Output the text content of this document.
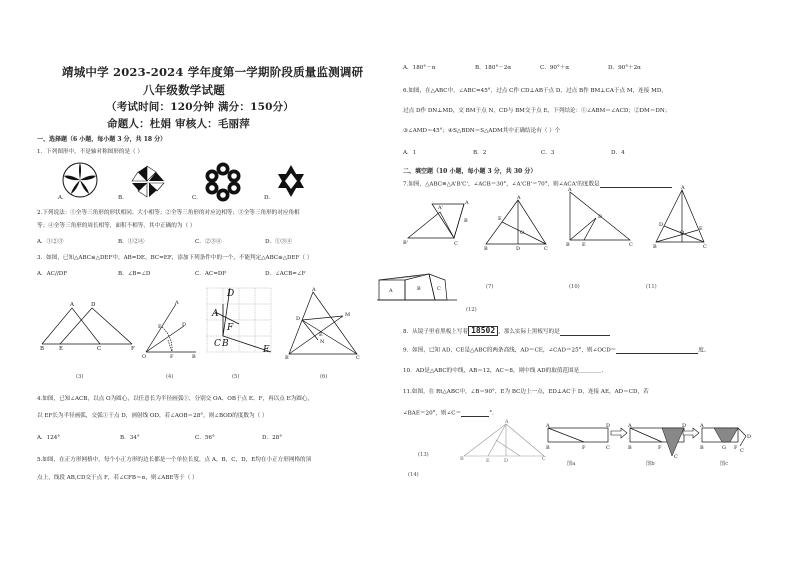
靖城中学 2023-2024 学年度第一学期阶段质量监测调研
八年级数学试题
（考试时间：120分钟 满分：150分）
命题人：杜娟 审核人：毛丽萍
一、选择题（6 小题，每小题 3 分，共 18 分）
1．下列图形中，不是轴对称图形的是（ ）
A.	B.	C.	D.
2.下列说法：①全等三角形的形状相同、大小相等；②全等三角形的对应边相等；③全等三角形的对应角相
等；④全等三角形的周长相等，面积不相等，其中正确的为（ ）
A．①②③	B．①②④	C．②③④	D．①③④
3．如图，已知△ABC≌△DEF中，AB=DE，BC=EF，添加下列条件中的一个，不能判定△ABC≌△DEF（ ）
A．AC//DF	B．∠B=∠D	C．AC=DF	D．∠ACB=∠F
A	D
B	E	C	F
A
D
E
O	F	B
D
A
F
C B
E
A
D
M
E
N
B	C
(3)	(4)	(5)	(6)
4.如图，已知∠ACB，以点 O为圆心，以任意长为半径画弧①，分别交 OA、OB于点 E、F，再以点 E为圆心，
以 EF长为半径画弧，交弧①于点 D，画射线 OD，若∠AOB＝28°，则∠BOD的度数为（ ）
A．124°	B．34°	C．56°	D．28°
5.如图，在正方形网格中，每个小正方形的边长都是一个单位长度，点 A，B，C，D，E均在小正方形网格的顶
点上，线段 AB,CD交于点 F，若∠CFB＝α，则∠ABE等于（ ）
A．180°－α	B．180°－2α	C．90°＋α	D．90°＋2α
6.如图，在△ABC中，∠ABC=45°，过点 C作 CD⊥AB于点 D，过点 B作 BM⊥CA于点 M，连接 MD，
过点 D作 DN⊥MD，交 BM于点 N，CD与 BM交于点 E，下列结论：①∠ABM＝∠ACD；②DM＝DN；
③∠AMD＝45°；④S△BDN＝S△ADM其中正确结论有（ ）个
A．1	B．2	C．3	D．4
二、填空题（10 小题，每小题 3 分，共 30 分）
7.如图，△ABC≌△A'B'C'，∠ACB＝30°，∠A'CB'＝70°，则∠ACA'的度数是
A'
A
B'	C
B
A
E
O
B	D	C
A
D
B E	C
A
D
E
O
B	C
A	B	C	(7)	(10)	(11)
(12)
8．从镜子里看黑板上写着 18502 ，那么实际上黑板写的是
9．如图，已知 AD，CE是△ABC的两条高线，AD＝CE，∠CAD＝25°，则∠OCD＝	度。
10．AD是△ABC的中线，AB＝12，AC＝8，则中线 AD的取值范围是＿＿＿＿.
11.如图，在 Rt△ABC中，∠B＝90°，E为 BC边上一点，ED⊥AC于 D，连接 AE，AD＝CD，若
∠BAE＝20°，则∠C＝	°.
A
B	E	D	C
(13)
(14)
A	D
B	F	C
A	D
B	F
C
A
D
B	G F C
图a	图b	图c
